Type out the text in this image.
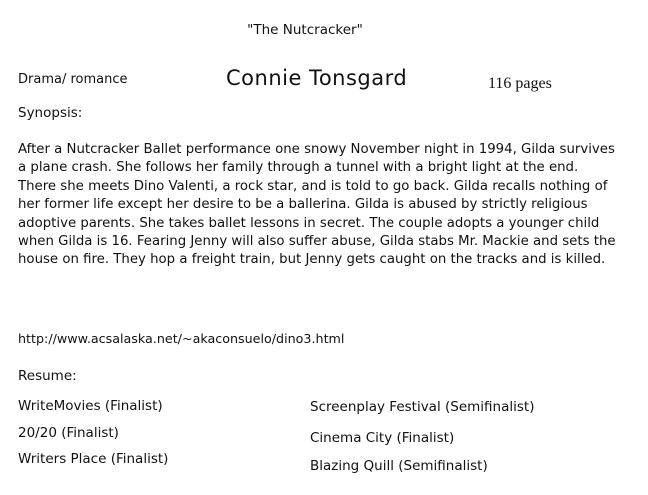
"The Nutcracker"
Drama/ romance	Connie Tonsgard	116 pages
Synopsis:
After a Nutcracker Ballet performance one snowy November night in 1994, Gilda survives a plane crash. She follows her family through a tunnel with a bright light at the end. There she meets Dino Valenti, a rock star, and is told to go back. Gilda recalls nothing of her former life except her desire to be a ballerina. Gilda is abused by strictly religious adoptive parents. She takes ballet lessons in secret. The couple adopts a younger child when Gilda is 16. Fearing Jenny will also suffer abuse, Gilda stabs Mr. Mackie and sets the house on fire. They hop a freight train, but Jenny gets caught on the tracks and is killed.
http://www.acsalaska.net/~akaconsuelo/dino3.html
Resume:
WriteMovies (Finalist)
20/20 (Finalist)
Writers Place (Finalist)
Screenplay Festival (Semifinalist)
Cinema City (Finalist)
Blazing Quill (Semifinalist)
